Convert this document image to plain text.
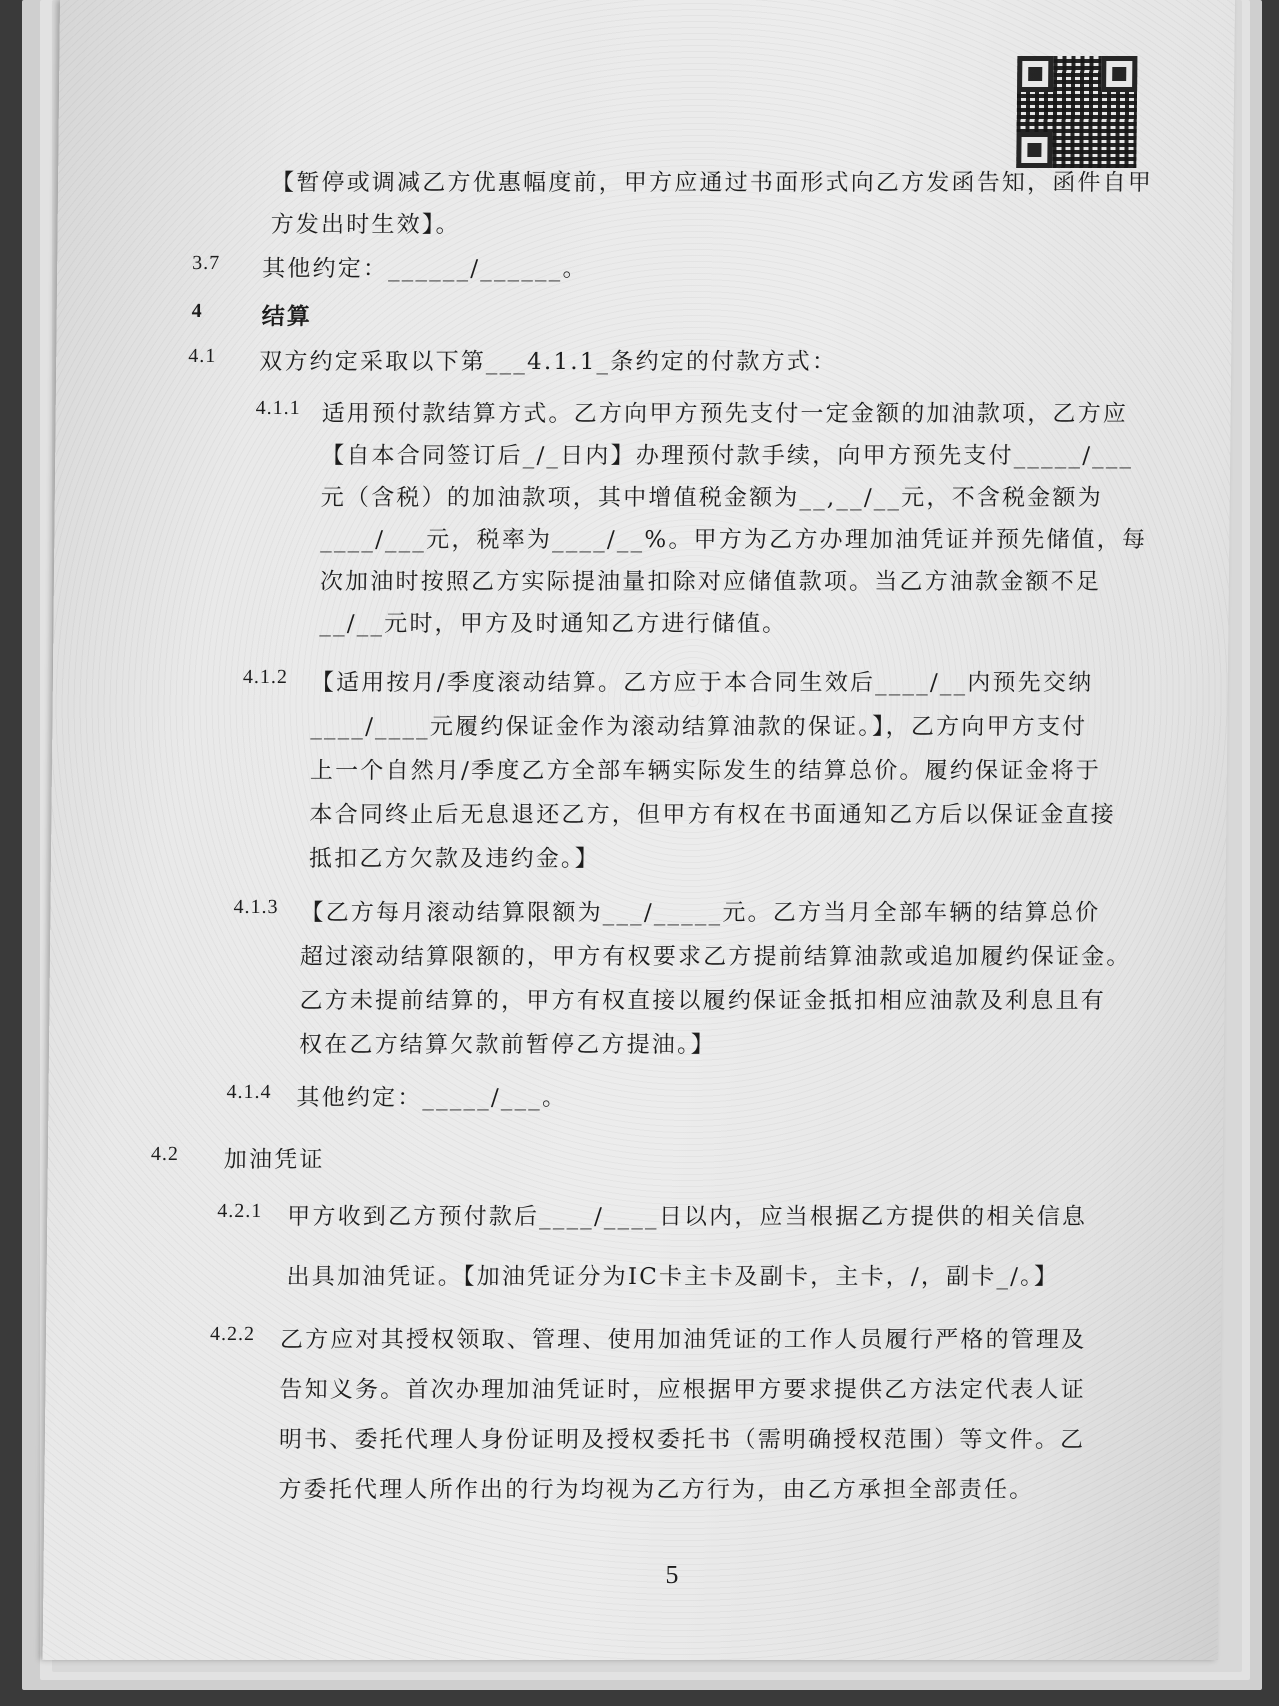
【暂停或调减乙方优惠幅度前，甲方应通过书面形式向乙方发函告知，函件自甲
方发出时生效】。
3.7 其他约定：______/______。
4	结算
4.1 双方约定采取以下第___4.1.1_条约定的付款方式：
4.1.1 适用预付款结算方式。乙方向甲方预先支付一定金额的加油款项，乙方应
【自本合同签订后_/_日内】办理预付款手续，向甲方预先支付_____/___
元（含税）的加油款项，其中增值税金额为__,__/__元，不含税金额为
____/___元，税率为____/__%。甲方为乙方办理加油凭证并预先储值，每
次加油时按照乙方实际提油量扣除对应储值款项。当乙方油款金额不足
__/__元时，甲方及时通知乙方进行储值。
4.1.2 【适用按月/季度滚动结算。乙方应于本合同生效后____/__内预先交纳
____/____元履约保证金作为滚动结算油款的保证。】，乙方向甲方支付
上一个自然月/季度乙方全部车辆实际发生的结算总价。履约保证金将于
本合同终止后无息退还乙方，但甲方有权在书面通知乙方后以保证金直接
抵扣乙方欠款及违约金。】
4.1.3 【乙方每月滚动结算限额为___/_____元。乙方当月全部车辆的结算总价
超过滚动结算限额的，甲方有权要求乙方提前结算油款或追加履约保证金。
乙方未提前结算的，甲方有权直接以履约保证金抵扣相应油款及利息且有
权在乙方结算欠款前暂停乙方提油。】
4.1.4 其他约定：_____/___。
4.2 加油凭证
4.2.1 甲方收到乙方预付款后____/____日以内，应当根据乙方提供的相关信息
出具加油凭证。【加油凭证分为IC卡主卡及副卡，主卡，/，副卡_/。】
4.2.2 乙方应对其授权领取、管理、使用加油凭证的工作人员履行严格的管理及
告知义务。首次办理加油凭证时，应根据甲方要求提供乙方法定代表人证
明书、委托代理人身份证明及授权委托书（需明确授权范围）等文件。乙
方委托代理人所作出的行为均视为乙方行为，由乙方承担全部责任。
5
